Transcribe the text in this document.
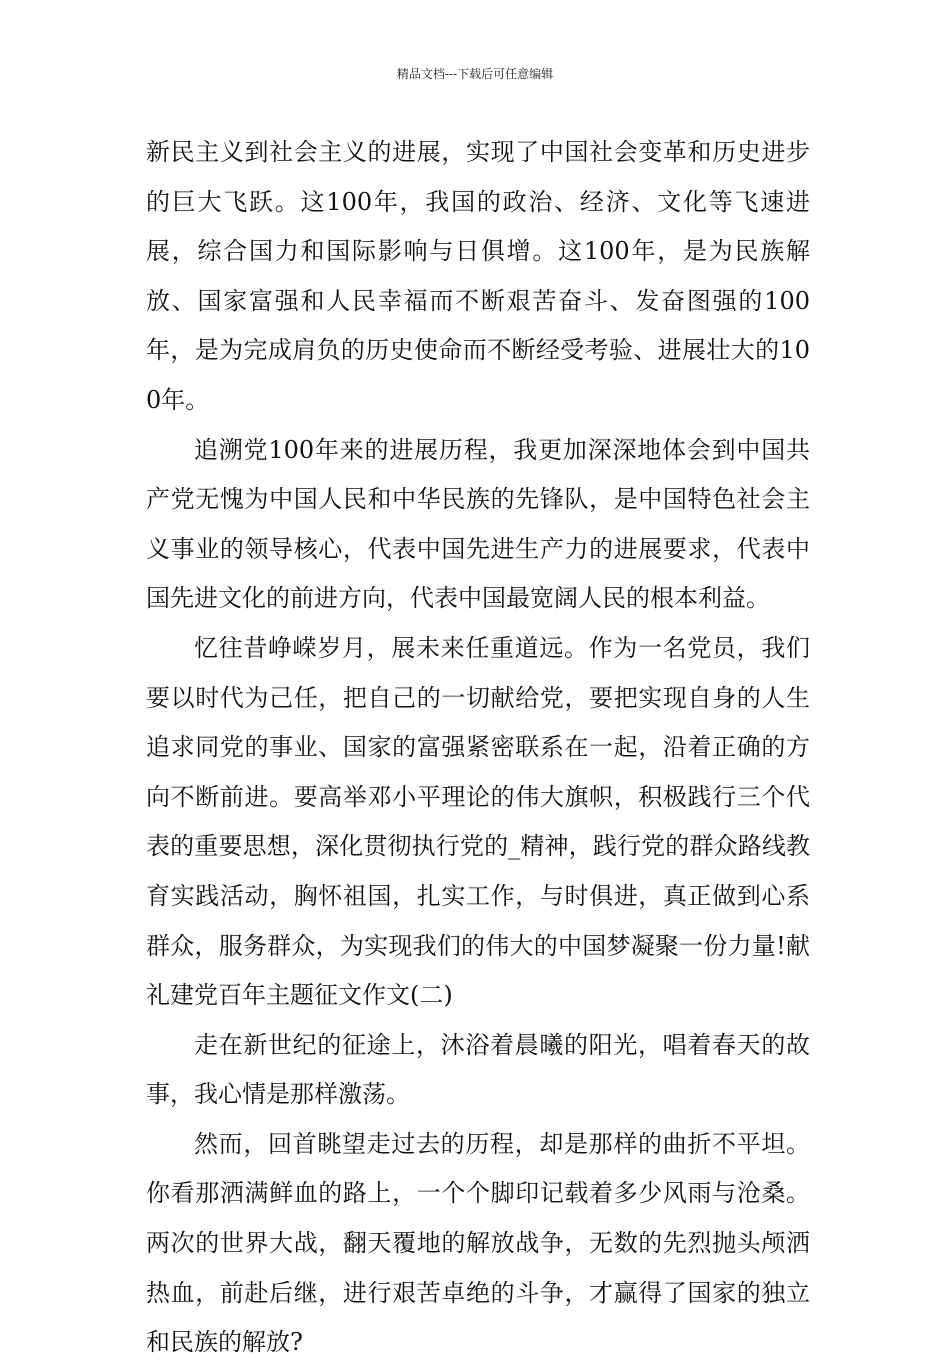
精品文档---下载后可任意编辑

新民主义到社会主义的进展，实现了中国社会变革和历史进步的巨大飞跃。这100年，我国的政治、经济、文化等飞速进展，综合国力和国际影响与日俱增。这100年，是为民族解放、国家富强和人民幸福而不断艰苦奋斗、发奋图强的100年，是为完成肩负的历史使命而不断经受考验、进展壮大的100年。

追溯党100年来的进展历程，我更加深深地体会到中国共产党无愧为中国人民和中华民族的先锋队，是中国特色社会主义事业的领导核心，代表中国先进生产力的进展要求，代表中国先进文化的前进方向，代表中国最宽阔人民的根本利益。

忆往昔峥嵘岁月，展未来任重道远。作为一名党员，我们要以时代为己任，把自己的一切献给党，要把实现自身的人生追求同党的事业、国家的富强紧密联系在一起，沿着正确的方向不断前进。要高举邓小平理论的伟大旗帜，积极践行三个代表的重要思想，深化贯彻执行党的_精神，践行党的群众路线教育实践活动，胸怀祖国，扎实工作，与时俱进，真正做到心系群众，服务群众，为实现我们的伟大的中国梦凝聚一份力量!献礼建党百年主题征文作文(二)

走在新世纪的征途上，沐浴着晨曦的阳光，唱着春天的故事，我心情是那样激荡。

然而，回首眺望走过去的历程，却是那样的曲折不平坦。你看那洒满鲜血的路上，一个个脚印记载着多少风雨与沧桑。两次的世界大战，翻天覆地的解放战争，无数的先烈抛头颅洒热血，前赴后继，进行艰苦卓绝的斗争，才赢得了国家的独立和民族的解放?
